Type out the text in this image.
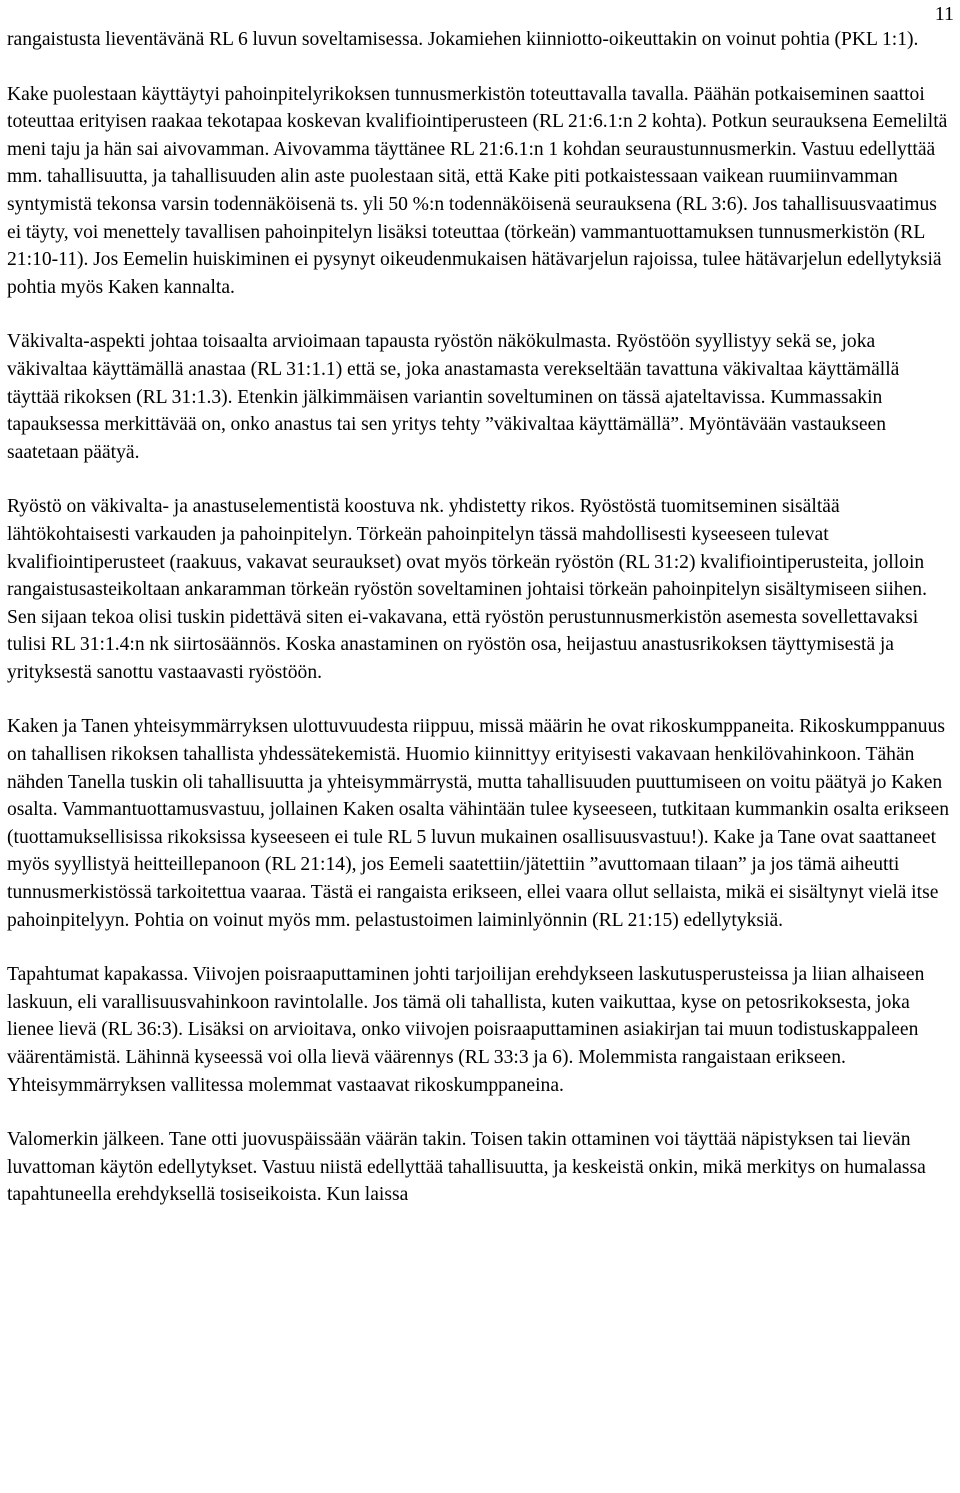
11

rangaistusta lieventävänä RL 6 luvun soveltamisessa. Jokamiehen kiinniotto-oikeuttakin on voinut pohtia (PKL 1:1).

Kake puolestaan käyttäytyi pahoinpitelyrikoksen tunnusmerkistön toteuttavalla tavalla. Päähän potkaiseminen saattoi toteuttaa erityisen raakaa tekotapaa koskevan kvalifiointiperusteen (RL 21:6.1:n 2 kohta). Potkun seurauksena Eemeliltä meni taju ja hän sai aivovamman. Aivovamma täyttänee RL 21:6.1:n 1 kohdan seuraustunnusmerkin. Vastuu edellyttää mm. tahallisuutta, ja tahallisuuden alin aste puolestaan sitä, että Kake piti potkaistessaan vaikean ruumiinvamman syntymistä tekonsa varsin todennäköisenä ts. yli 50 %:n todennäköisenä seurauksena (RL 3:6). Jos tahallisuusvaatimus ei täyty, voi menettely tavallisen pahoinpitelyn lisäksi toteuttaa (törkeän) vammantuottamuksen tunnusmerkistön (RL 21:10-11). Jos Eemelin huiskiminen ei pysynyt oikeudenmukaisen hätävarjelun rajoissa, tulee hätävarjelun edellytyksiä pohtia myös Kaken kannalta.

Väkivalta-aspekti johtaa toisaalta arvioimaan tapausta ryöstön näkökulmasta. Ryöstöön syyllistyy sekä se, joka väkivaltaa käyttämällä anastaa (RL 31:1.1) että se, joka anastamasta verekseltään tavattuna väkivaltaa käyttämällä täyttää rikoksen (RL 31:1.3). Etenkin jälkimmäisen variantin soveltuminen on tässä ajateltavissa. Kummassakin tapauksessa merkittävää on, onko anastus tai sen yritys tehty ”väkivaltaa käyttämällä”. Myöntävään vastaukseen saatetaan päätyä.

Ryöstö on väkivalta- ja anastuselementistä koostuva nk. yhdistetty rikos. Ryöstöstä tuomitseminen sisältää lähtökohtaisesti varkauden ja pahoinpitelyn. Törkeän pahoinpitelyn tässä mahdollisesti kyseeseen tulevat kvalifiointiperusteet (raakuus, vakavat seuraukset) ovat myös törkeän ryöstön (RL 31:2) kvalifiointiperusteita, jolloin rangaistusasteikoltaan ankaramman törkeän ryöstön soveltaminen johtaisi törkeän pahoinpitelyn sisältymiseen siihen. Sen sijaan tekoa olisi tuskin pidettävä siten ei-vakavana, että ryöstön perustunnusmerkistön asemesta sovellettavaksi tulisi RL 31:1.4:n nk siirtosäännös. Koska anastaminen on ryöstön osa, heijastuu anastusrikoksen täyttymisestä ja yrityksestä sanottu vastaavasti ryöstöön.

Kaken ja Tanen yhteisymmärryksen ulottuvuudesta riippuu, missä määrin he ovat rikoskumppaneita. Rikoskumppanuus on tahallisen rikoksen tahallista yhdessätekemistä. Huomio kiinnittyy erityisesti vakavaan henkilövahinkoon. Tähän nähden Tanella tuskin oli tahallisuutta ja yhteisymmärrystä, mutta tahallisuuden puuttumiseen on voitu päätyä jo Kaken osalta. Vammantuottamusvastuu, jollainen Kaken osalta vähintään tulee kyseeseen, tutkitaan kummankin osalta erikseen (tuottamuksellisissa rikoksissa kyseeseen ei tule RL 5 luvun mukainen osallisuusvastuu!). Kake ja Tane ovat saattaneet myös syyllistyä heitteillepanoon (RL 21:14), jos Eemeli saatettiin/jätettiin ”avuttomaan tilaan” ja jos tämä aiheutti tunnusmerkistössä tarkoitettua vaaraa. Tästä ei rangaista erikseen, ellei vaara ollut sellaista, mikä ei sisältynyt vielä itse pahoinpitelyyn. Pohtia on voinut myös mm. pelastustoimen laiminlyönnin (RL 21:15) edellytyksiä.

Tapahtumat kapakassa. Viivojen poisraaputtaminen johti tarjoilijan erehdykseen laskutusperusteissa ja liian alhaiseen laskuun, eli varallisuusvahinkoon ravintolalle. Jos tämä oli tahallista, kuten vaikuttaa, kyse on petosrikoksesta, joka lienee lievä (RL 36:3). Lisäksi on arvioitava, onko viivojen poisraaputtaminen asiakirjan tai muun todistuskappaleen väärentämistä. Lähinnä kyseessä voi olla lievä väärennys (RL 33:3 ja 6). Molemmista rangaistaan erikseen. Yhteisymmärryksen vallitessa molemmat vastaavat rikoskumppaneina.

Valomerkin jälkeen. Tane otti juovuspäissään väärän takin. Toisen takin ottaminen voi täyttää näpistyksen tai lievän luvattoman käytön edellytykset. Vastuu niistä edellyttää tahallisuutta, ja keskeistä onkin, mikä merkitys on humalassa tapahtuneella erehdyksellä tosiseikoista. Kun laissa
